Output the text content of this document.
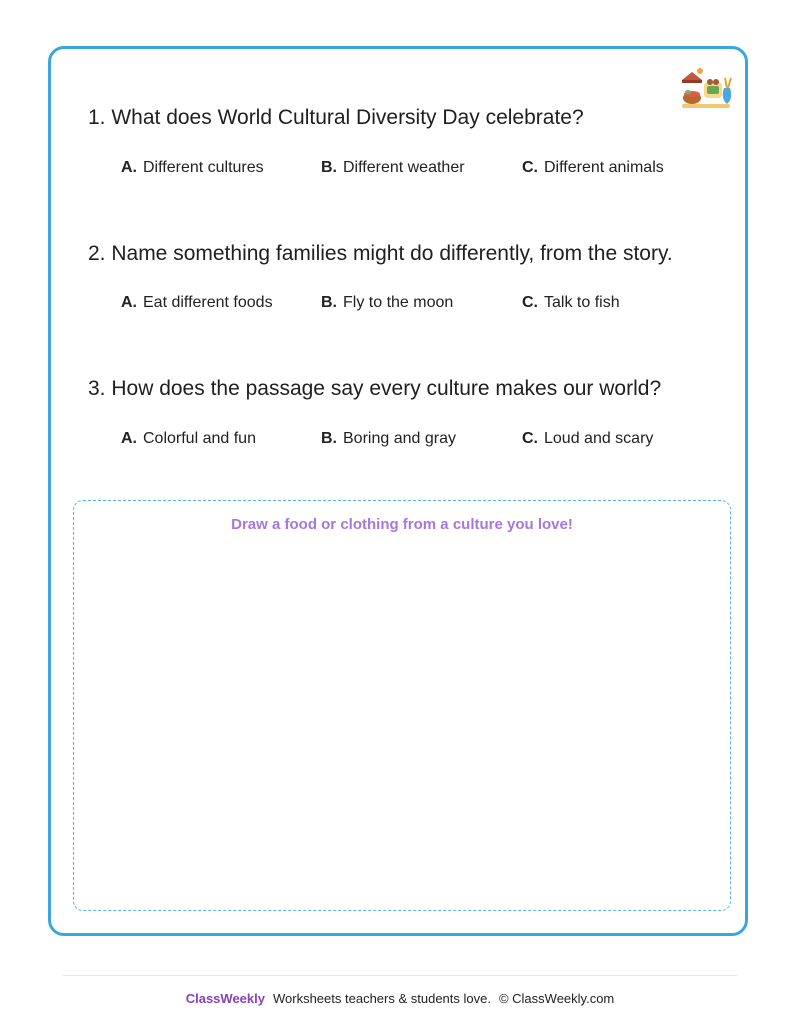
1. What does World Cultural Diversity Day celebrate?
A. Different cultures	B. Different weather	C. Different animals
2. Name something families might do differently, from the story.
A. Eat different foods	B. Fly to the moon	C. Talk to fish
3. How does the passage say every culture makes our world?
A. Colorful and fun	B. Boring and gray	C. Loud and scary
Draw a food or clothing from a culture you love!
ClassWeekly Worksheets teachers & students love. © ClassWeekly.com
